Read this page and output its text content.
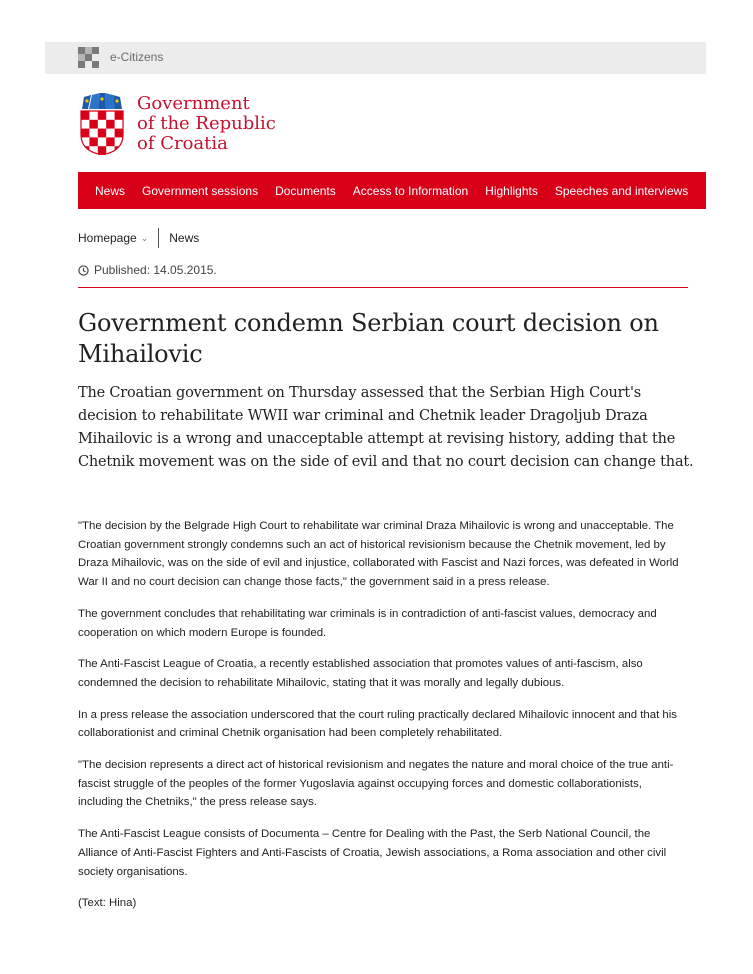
e-Citizens
Government
of the Republic
of Croatia
News Government sessions Documents Access to Information Highlights Speeches and interviews
Homepage ⌄ News
Published: 14.05.2015.
Government condemn Serbian court decision on Mihailovic

The Croatian government on Thursday assessed that the Serbian High Court's decision to rehabilitate WWII war criminal and Chetnik leader Dragoljub Draza Mihailovic is a wrong and unacceptable attempt at revising history, adding that the Chetnik movement was on the side of evil and that no court decision can change that.

"The decision by the Belgrade High Court to rehabilitate war criminal Draza Mihailovic is wrong and unacceptable. The Croatian government strongly condemns such an act of historical revisionism because the Chetnik movement, led by Draza Mihailovic, was on the side of evil and injustice, collaborated with Fascist and Nazi forces, was defeated in World War II and no court decision can change those facts," the government said in a press release.

The government concludes that rehabilitating war criminals is in contradiction of anti-fascist values, democracy and cooperation on which modern Europe is founded.

The Anti-Fascist League of Croatia, a recently established association that promotes values of anti-fascism, also condemned the decision to rehabilitate Mihailovic, stating that it was morally and legally dubious.

In a press release the association underscored that the court ruling practically declared Mihailovic innocent and that his collaborationist and criminal Chetnik organisation had been completely rehabilitated.

"The decision represents a direct act of historical revisionism and negates the nature and moral choice of the true anti-fascist struggle of the peoples of the former Yugoslavia against occupying forces and domestic collaborationists, including the Chetniks," the press release says.

The Anti-Fascist League consists of Documenta – Centre for Dealing with the Past, the Serb National Council, the Alliance of Anti-Fascist Fighters and Anti-Fascists of Croatia, Jewish associations, a Roma association and other civil society organisations.

(Text: Hina)
